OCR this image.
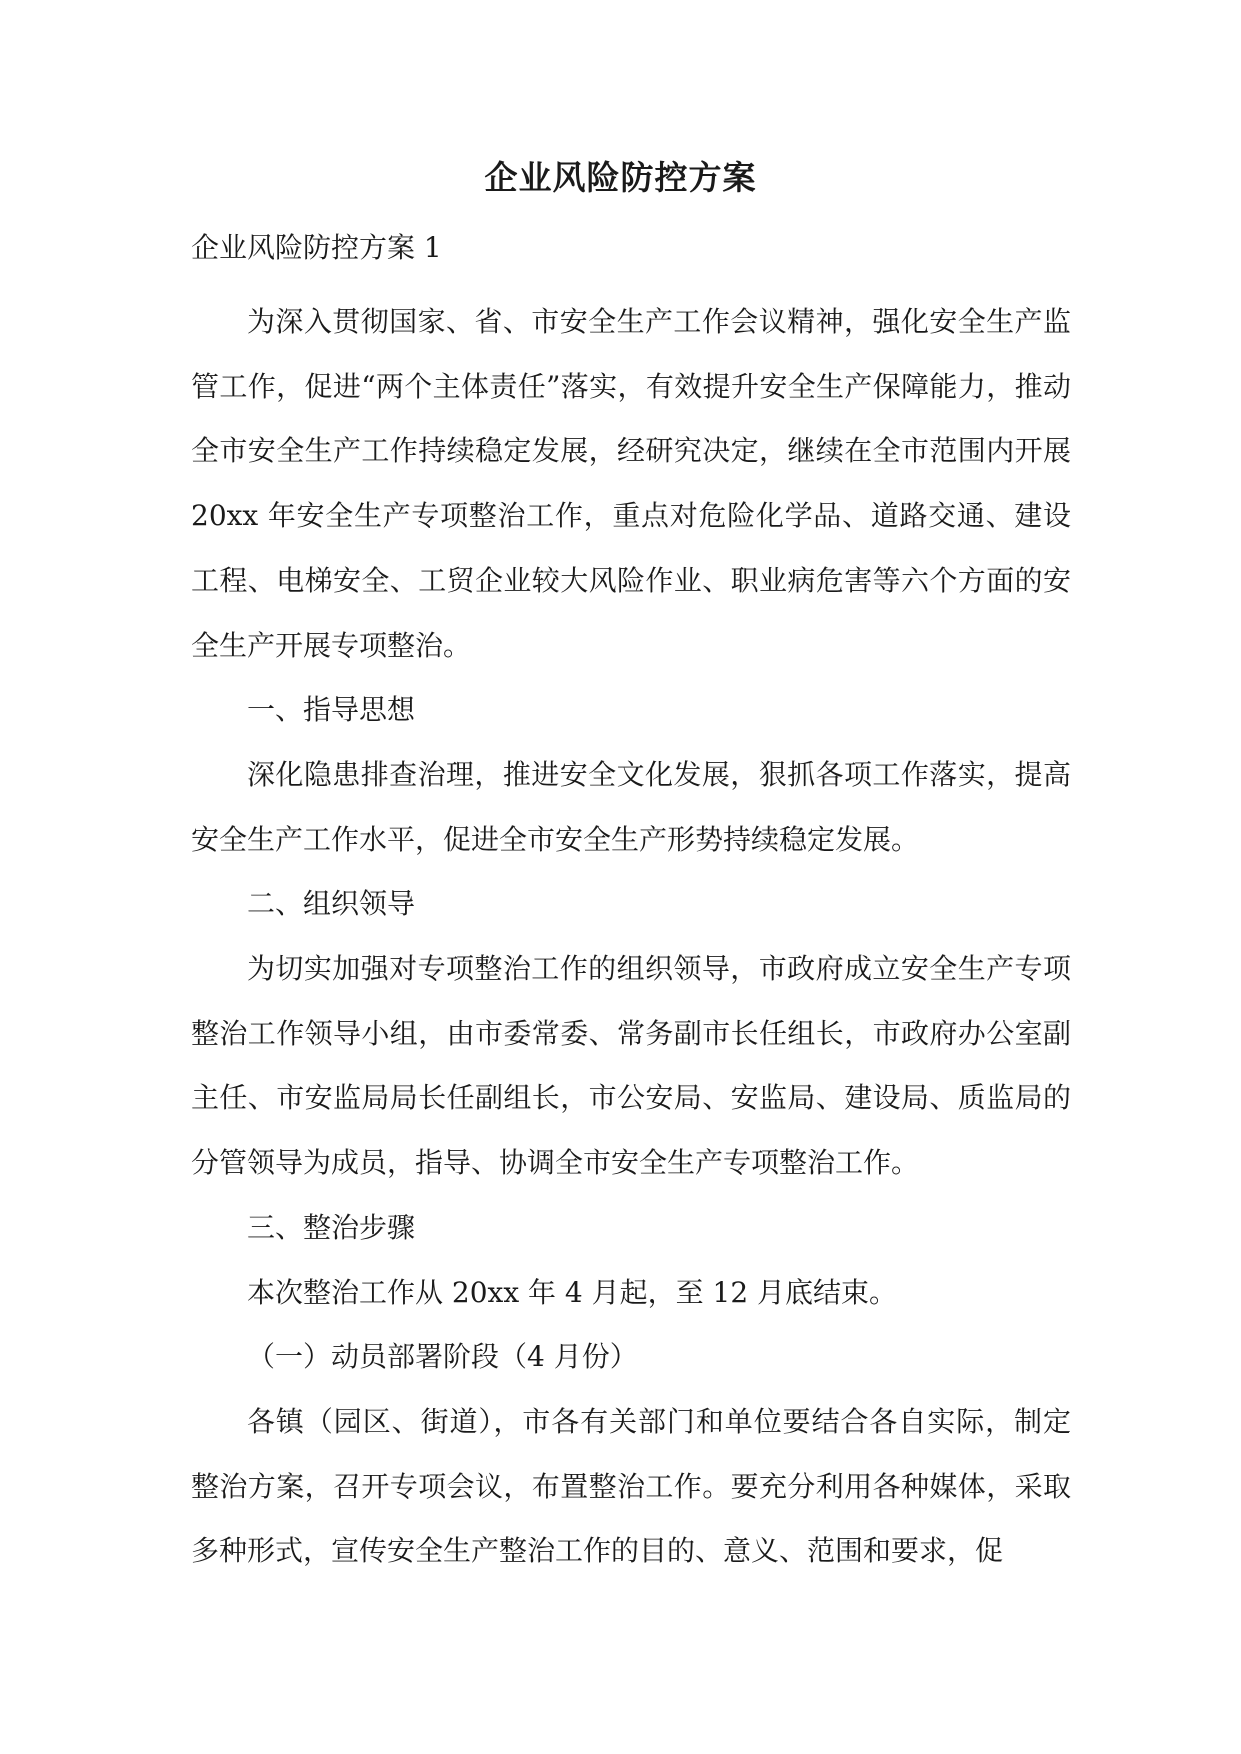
企业风险防控方案
企业风险防控方案 1

为深入贯彻国家、省、市安全生产工作会议精神，强化安全生产监管工作，促进“两个主体责任”落实，有效提升安全生产保障能力，推动全市安全生产工作持续稳定发展，经研究决定，继续在全市范围内开展 20xx 年安全生产专项整治工作，重点对危险化学品、道路交通、建设工程、电梯安全、工贸企业较大风险作业、职业病危害等六个方面的安全生产开展专项整治。

一、指导思想

深化隐患排查治理，推进安全文化发展，狠抓各项工作落实，提高安全生产工作水平，促进全市安全生产形势持续稳定发展。

二、组织领导

为切实加强对专项整治工作的组织领导，市政府成立安全生产专项整治工作领导小组，由市委常委、常务副市长任组长，市政府办公室副主任、市安监局局长任副组长，市公安局、安监局、建设局、质监局的分管领导为成员，指导、协调全市安全生产专项整治工作。

三、整治步骤

本次整治工作从 20xx 年 4 月起，至 12 月底结束。

（一）动员部署阶段（4 月份）

各镇（园区、街道），市各有关部门和单位要结合各自实际，制定整治方案，召开专项会议，布置整治工作。要充分利用各种媒体，采取多种形式，宣传安全生产整治工作的目的、意义、范围和要求，促
